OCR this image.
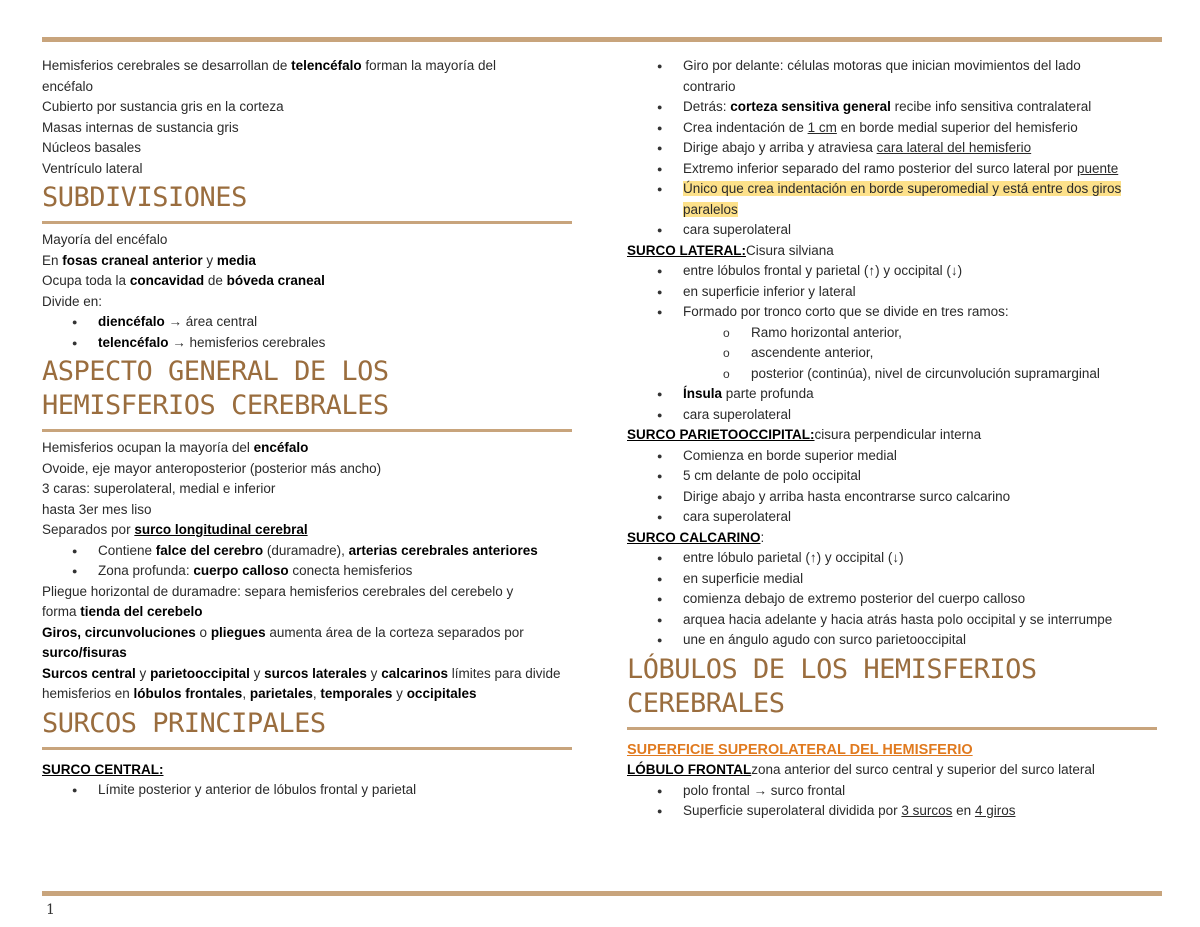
Hemisferios cerebrales se desarrollan de telencéfalo forman la mayoría del
encéfalo
Cubierto por sustancia gris en la corteza
Masas internas de sustancia gris
Núcleos basales
Ventrículo lateral
SUBDIVISIONES
Mayoría del encéfalo
En fosas craneal anterior y media
Ocupa toda la concavidad de bóveda craneal
Divide en:
● diencéfalo → área central
● telencéfalo → hemisferios cerebrales
ASPECTO GENERAL DE LOS HEMISFERIOS CEREBRALES
Hemisferios ocupan la mayoría del encéfalo
Ovoide, eje mayor anteroposterior (posterior más ancho)
3 caras: superolateral, medial e inferior
hasta 3er mes liso
Separados por surco longitudinal cerebral
● Contiene falce del cerebro (duramadre), arterias cerebrales anteriores
● Zona profunda: cuerpo calloso conecta hemisferios
Pliegue horizontal de duramadre: separa hemisferios cerebrales del cerebelo y
forma tienda del cerebelo
Giros, circunvoluciones o pliegues aumenta área de la corteza separados por
surco/fisuras
Surcos central y parietooccipital y surcos laterales y calcarinos límites para divide
hemisferios en lóbulos frontales, parietales, temporales y occipitales
SURCOS PRINCIPALES
SURCO CENTRAL:
● Límite posterior y anterior de lóbulos frontal y parietal
● Giro por delante: células motoras que inician movimientos del lado contrario
● Detrás: corteza sensitiva general recibe info sensitiva contralateral
● Crea indentación de 1 cm en borde medial superior del hemisferio
● Dirige abajo y arriba y atraviesa cara lateral del hemisferio
● Extremo inferior separado del ramo posterior del surco lateral por puente
● Único que crea indentación en borde superomedial y está entre dos giros paralelos
● cara superolateral
SURCO LATERAL:Cisura silviana
● entre lóbulos frontal y parietal (↑) y occipital (↓)
● en superficie inferior y lateral
● Formado por tronco corto que se divide en tres ramos:
o Ramo horizontal anterior,
o ascendente anterior,
o posterior (continúa), nivel de circunvolución supramarginal
● Ínsula parte profunda
● cara superolateral
SURCO PARIETOOCCIPITAL:cisura perpendicular interna
● Comienza en borde superior medial
● 5 cm delante de polo occipital
● Dirige abajo y arriba hasta encontrarse surco calcarino
● cara superolateral
SURCO CALCARINO:
● entre lóbulo parietal (↑) y occipital (↓)
● en superficie medial
● comienza debajo de extremo posterior del cuerpo calloso
● arquea hacia adelante y hacia atrás hasta polo occipital y se interrumpe
● une en ángulo agudo con surco parietooccipital
LÓBULOS DE LOS HEMISFERIOS CEREBRALES
SUPERFICIE SUPEROLATERAL DEL HEMISFERIO
LÓBULO FRONTALzona anterior del surco central y superior del surco lateral
● polo frontal → surco frontal
● Superficie superolateral dividida por 3 surcos en 4 giros
1
